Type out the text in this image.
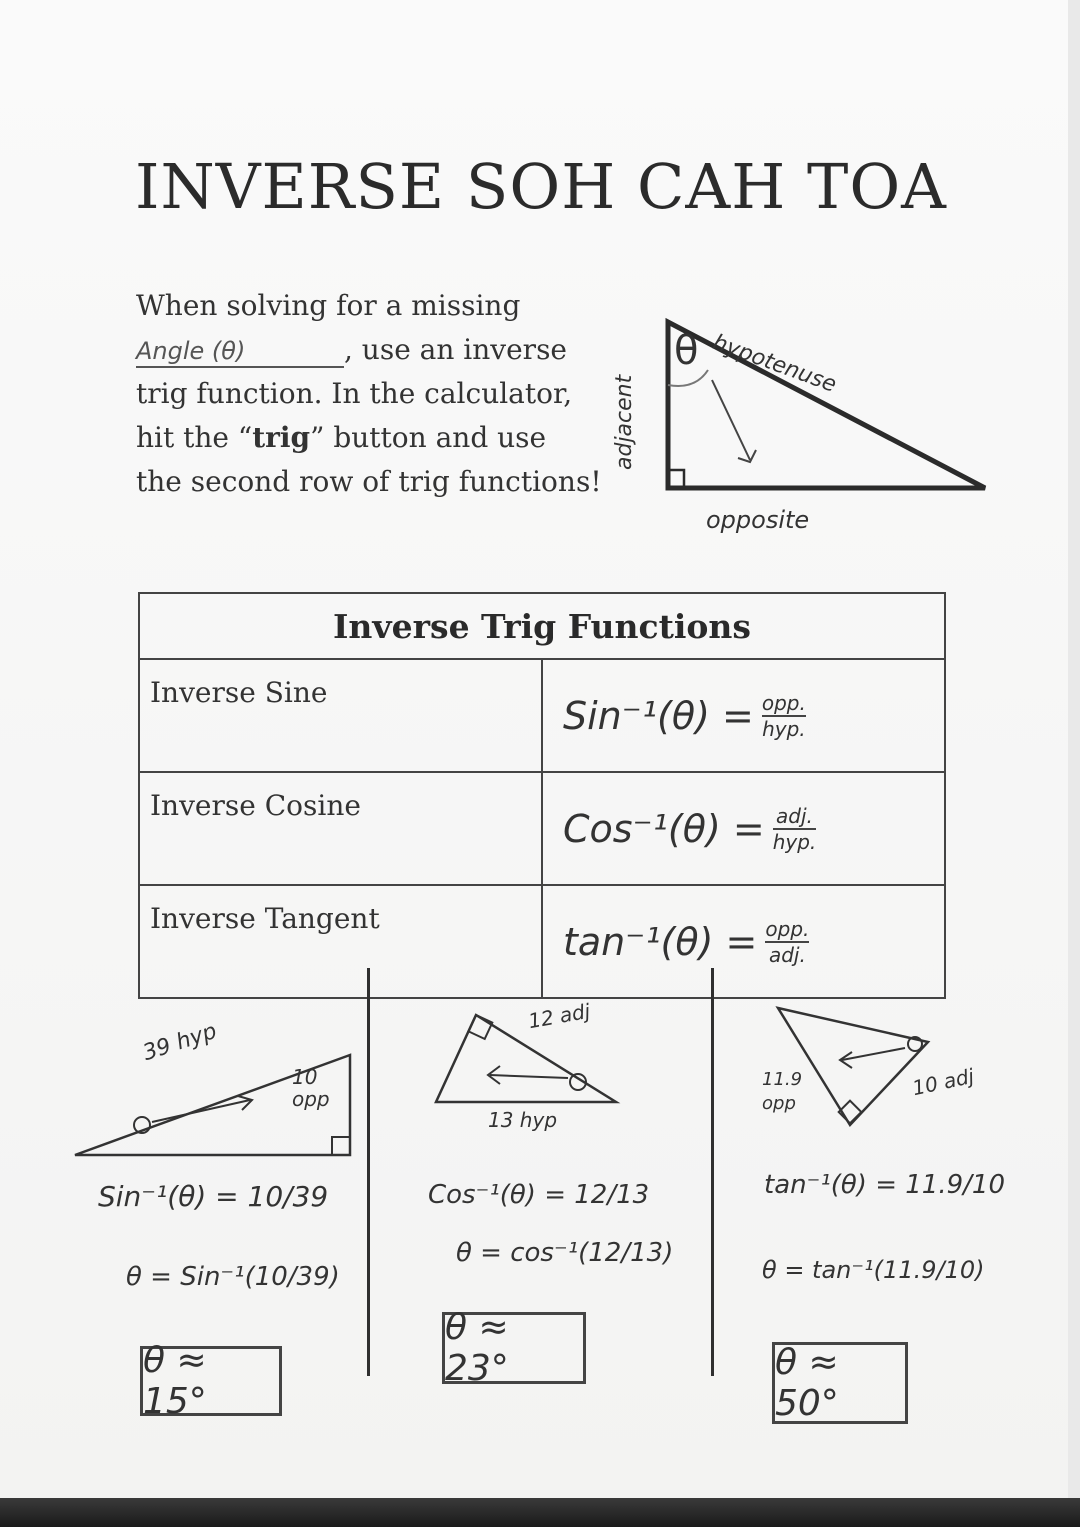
INVERSE SOH CAH TOA
When solving for a missing
Angle (θ)	, use an inverse
trig function. In the calculator,
hit the “trig” button and use
the second row of trig functions!
θ hypotenuse
adjacent
opposite
Inverse Trig Functions	
Inverse Sine	$Sin^{-1}(\theta) = \frac{\text{opp.}}{\text{hyp.}}$

Inverse Cosine	$Cos^{-1}(\theta) = \frac{\text{adj.}}{\text{hyp.}}$

Inverse Tangent	$\tan^{-1}(\theta) = \frac{\text{opp.}}{\text{adj.}}$
39 hyp
10 opp
Sin⁻¹(θ) = 10/39
θ = Sin⁻¹(10/39)
θ ≈ 15°
12 adj
13 hyp
Cos⁻¹(θ) = 12/13
θ = cos⁻¹(12/13)
θ ≈ 23°
11.9 opp
10 adj
tan⁻¹(θ) = 11.9/10
θ = tan⁻¹(11.9/10)
θ ≈ 50°
